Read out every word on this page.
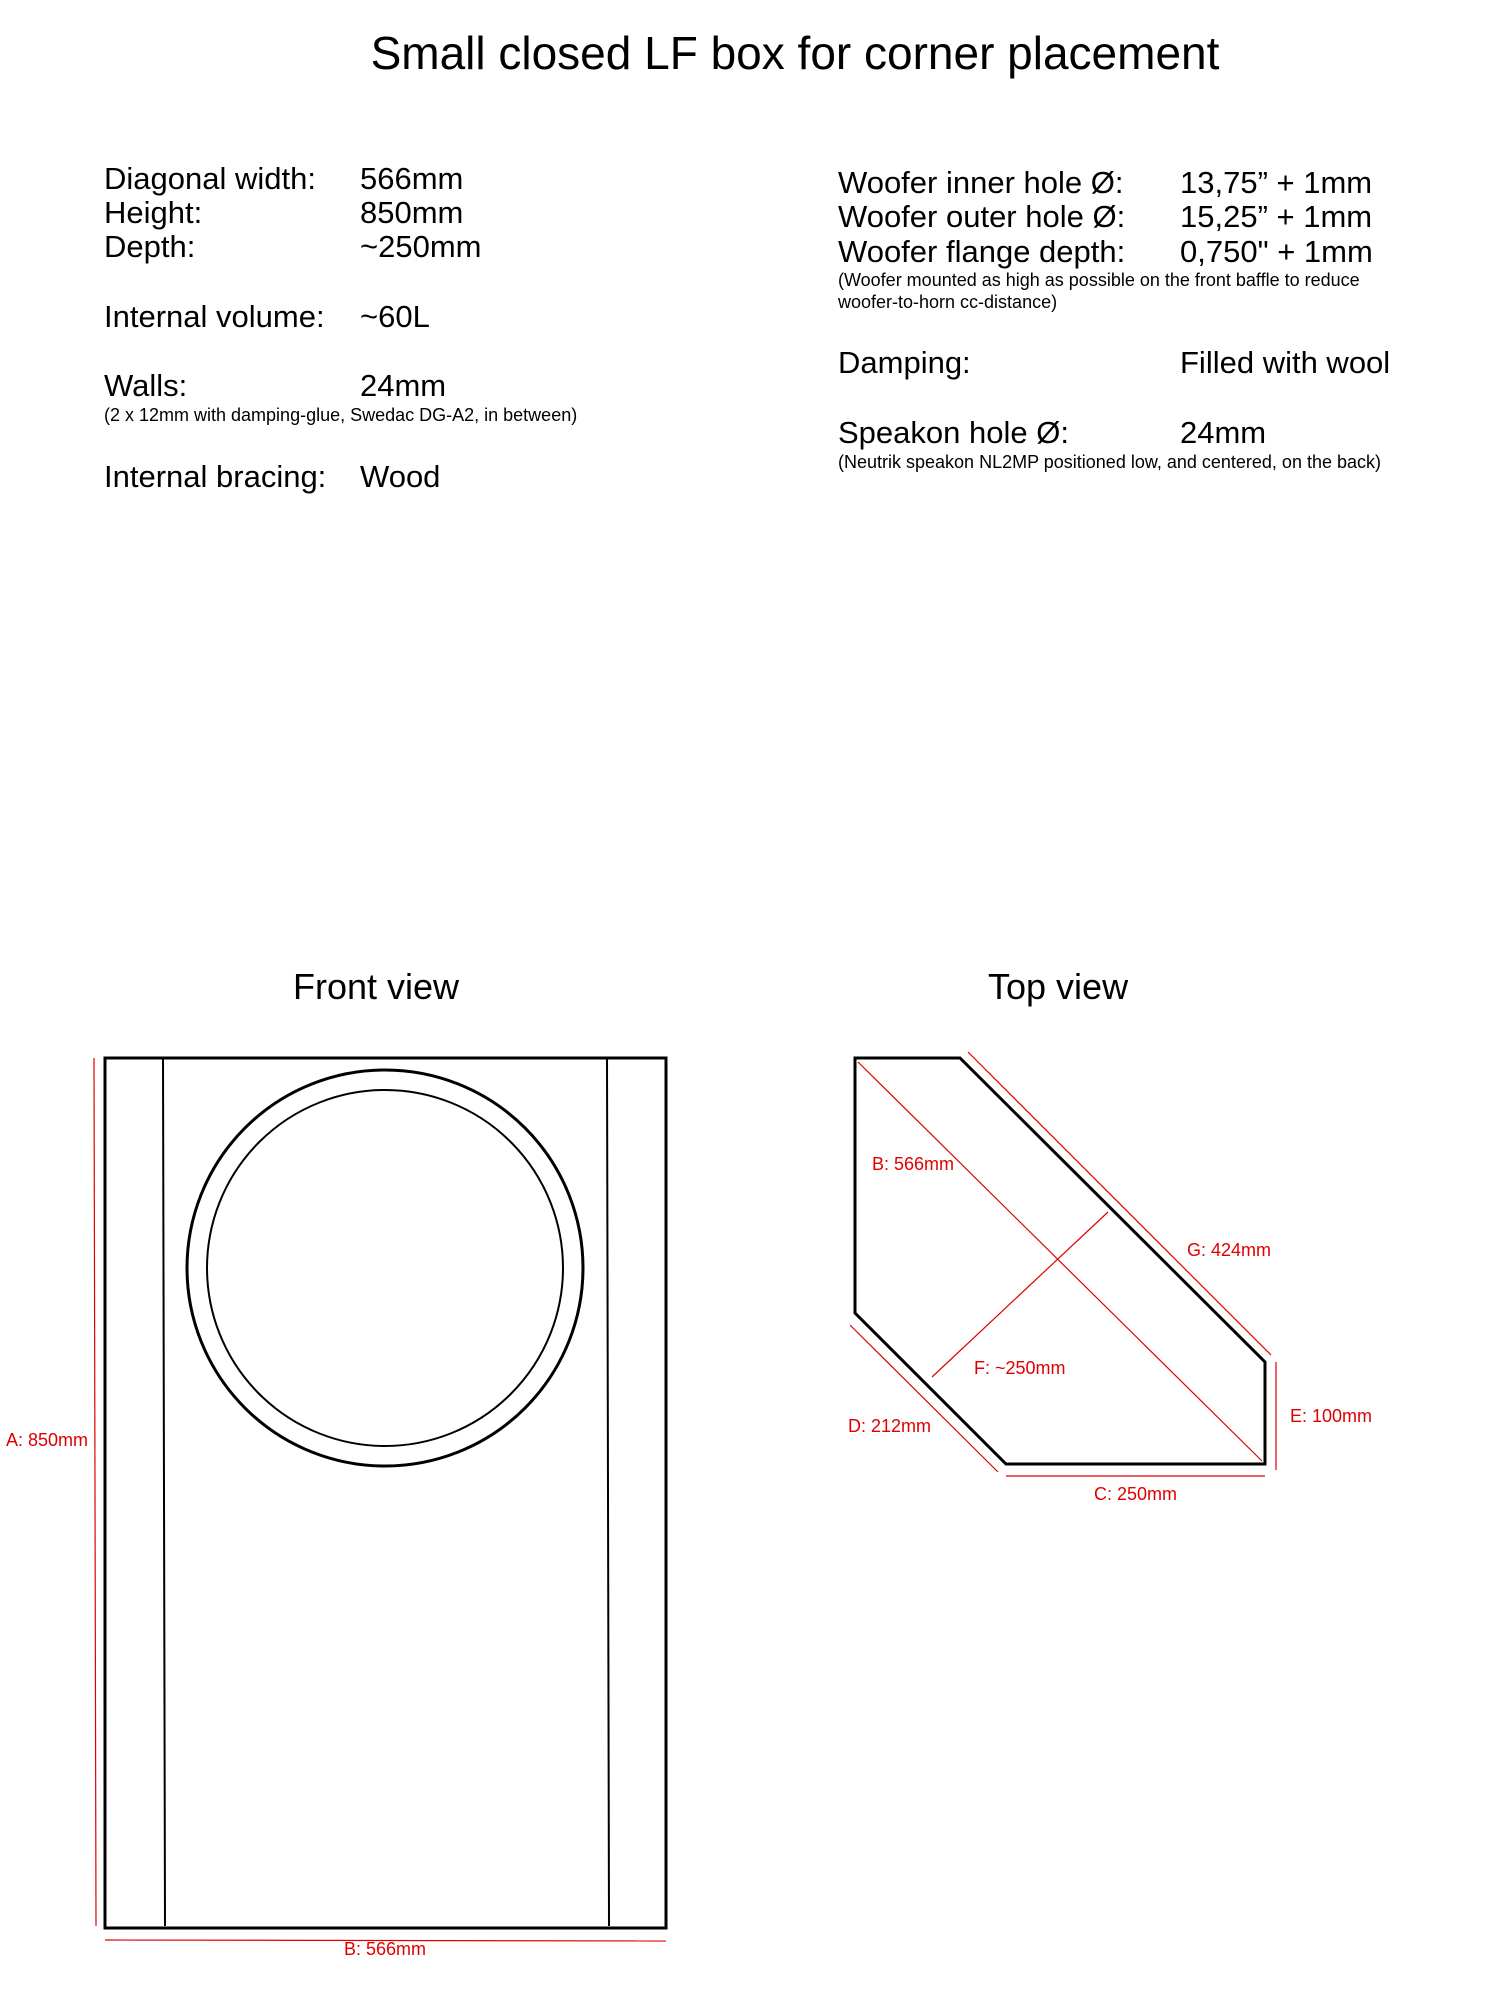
Small closed LF box for corner placement
Diagonal width: 566mm
Height:	850mm
Depth:	~250mm
Internal volume: ~60L
Walls:	24mm
(2 x 12mm with damping-glue, Swedac DG-A2, in between)
Internal bracing: Wood
Woofer inner hole Ø: 13,75” + 1mm
Woofer outer hole Ø: 15,25” + 1mm
Woofer flange depth: 0,750" + 1mm
(Woofer mounted as high as possible on the front baffle to reduce
woofer-to-horn cc-distance)
Damping:	Filled with wool
Speakon hole Ø:	24mm
(Neutrik speakon NL2MP positioned low, and centered, on the back)
Front view	Top view
A: 850mm
B: 566mm
B: 566mm
G: 424mm
F: ~250mm
E: 100mm
D: 212mm
C: 250mm
